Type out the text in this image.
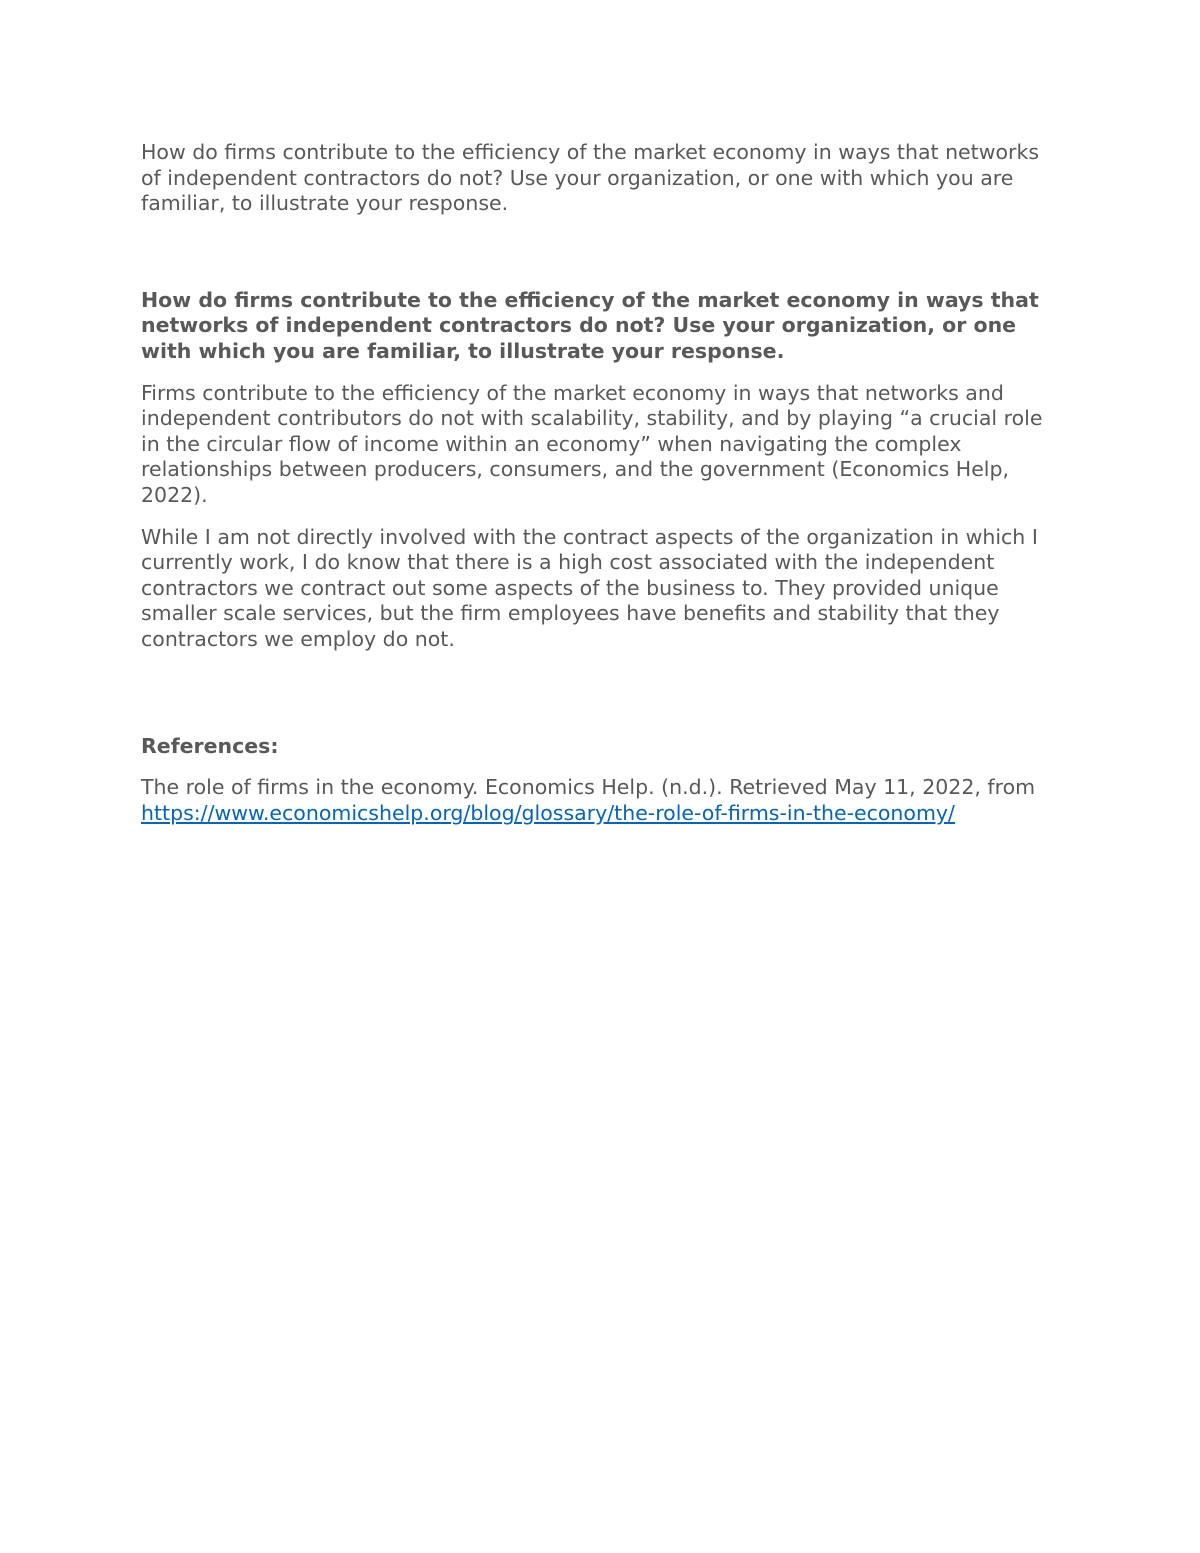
How do firms contribute to the efficiency of the market economy in ways that networks of independent contractors do not? Use your organization, or one with which you are familiar, to illustrate your response.

How do firms contribute to the efficiency of the market economy in ways that networks of independent contractors do not? Use your organization, or one with which you are familiar, to illustrate your response.

Firms contribute to the efficiency of the market economy in ways that networks and independent contributors do not with scalability, stability, and by playing “a crucial role in the circular flow of income within an economy” when navigating the complex relationships between producers, consumers, and the government (Economics Help, 2022).

While I am not directly involved with the contract aspects of the organization in which I currently work, I do know that there is a high cost associated with the independent contractors we contract out some aspects of the business to. They provided unique smaller scale services, but the firm employees have benefits and stability that they contractors we employ do not.

References:

The role of firms in the economy. Economics Help. (n.d.). Retrieved May 11, 2022, from https://www.economicshelp.org/blog/glossary/the-role-of-firms-in-the-economy/
